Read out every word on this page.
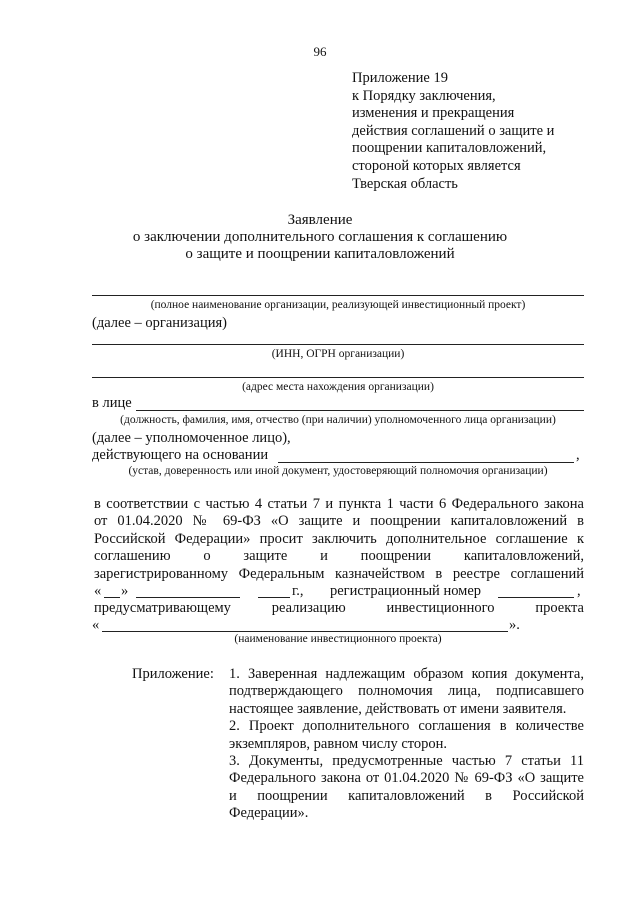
96
Приложение 19
к Порядку заключения,
изменения и прекращения
действия соглашений о защите и
поощрении капиталовложений,
стороной которых является
Тверская область
Заявление
о заключении дополнительного соглашения к соглашению
о защите и поощрении капиталовложений
(полное наименование организации, реализующей инвестиционный проект)
(далее – организация)
(ИНН, ОГРН организации)
(адрес места нахождения организации)
в лице
(должность, фамилия, имя, отчество (при наличии) уполномоченного лица организации)
(далее – уполномоченное лицо),
действующего на основании	,
(устав, доверенность или иной документ, удостоверяющий полномочия организации)
в соответствии с частью 4 статьи 7 и пункта 1 части 6 Федерального закона
от 01.04.2020 № 69-ФЗ «О защите и поощрении капиталовложений в
Российской Федерации» просит заключить дополнительное соглашение к
соглашению о защите и поощрении капиталовложений,
зарегистрированному Федеральным казначейством в реестре соглашений
« »	г., регистрационный номер	,
предусматривающему реализацию инвестиционного проекта
«	».
(наименование инвестиционного проекта)
Приложение: 1. Заверенная надлежащим образом копия документа, подтверждающего полномочия лица, подписавшего настоящее заявление, действовать от имени заявителя.
2. Проект дополнительного соглашения в количестве экземпляров, равном числу сторон.
3. Документы, предусмотренные частью 7 статьи 11 Федерального закона от 01.04.2020 № 69-ФЗ «О защите и поощрении капиталовложений в Российской Федерации».
